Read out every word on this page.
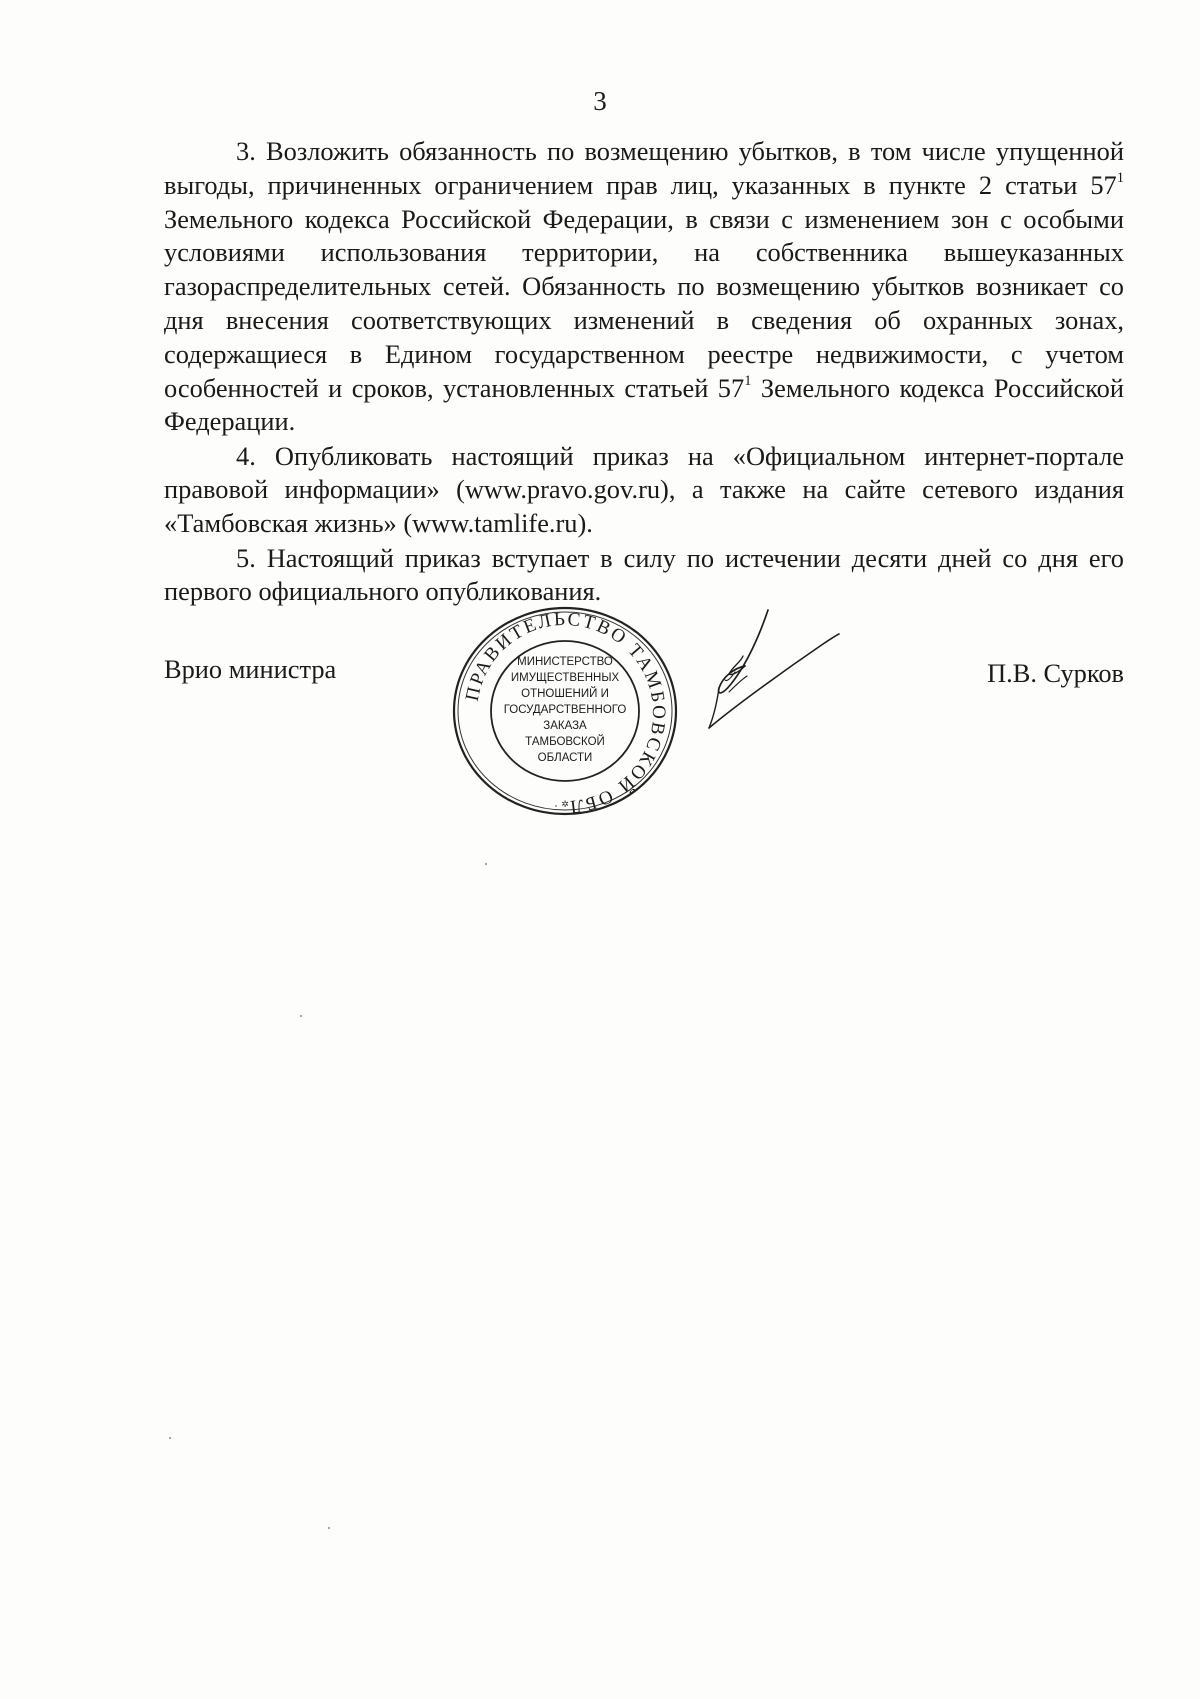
3

3. Возложить обязанность по возмещению убытков, в том числе упущенной выгоды, причиненных ограничением прав лиц, указанных в пункте 2 статьи $57^1$ Земельного кодекса Российской Федерации, в связи с изменением зон с особыми условиями использования территории, на собственника вышеуказанных газораспределительных сетей. Обязанность по возмещению убытков возникает со дня внесения соответствующих изменений в сведения об охранных зонах, содержащиеся в Едином государственном реестре недвижимости, с учетом особенностей и сроков, установленных статьей $57^1$ Земельного кодекса Российской Федерации.

4. Опубликовать настоящий приказ на «Официальном интернет-портале правовой информации» (www.pravo.gov.ru), а также на сайте сетевого издания «Тамбовская жизнь» (www.tamlife.ru).

5. Настоящий приказ вступает в силу по истечении десяти дней со дня его первого официального опубликования.

Врио министра	П.В. Сурков
ПРАВИТЕЛЬСТВО ТАМБОВСКОЙ ОБЛ
✲
МИНИСТЕРСТВО
ИМУЩЕСТВЕННЫХ
ОТНОШЕНИЙ И
ГОСУДАРСТВЕННОГО
ЗАКАЗА
ТАМБОВСКОЙ
ОБЛАСТИ
